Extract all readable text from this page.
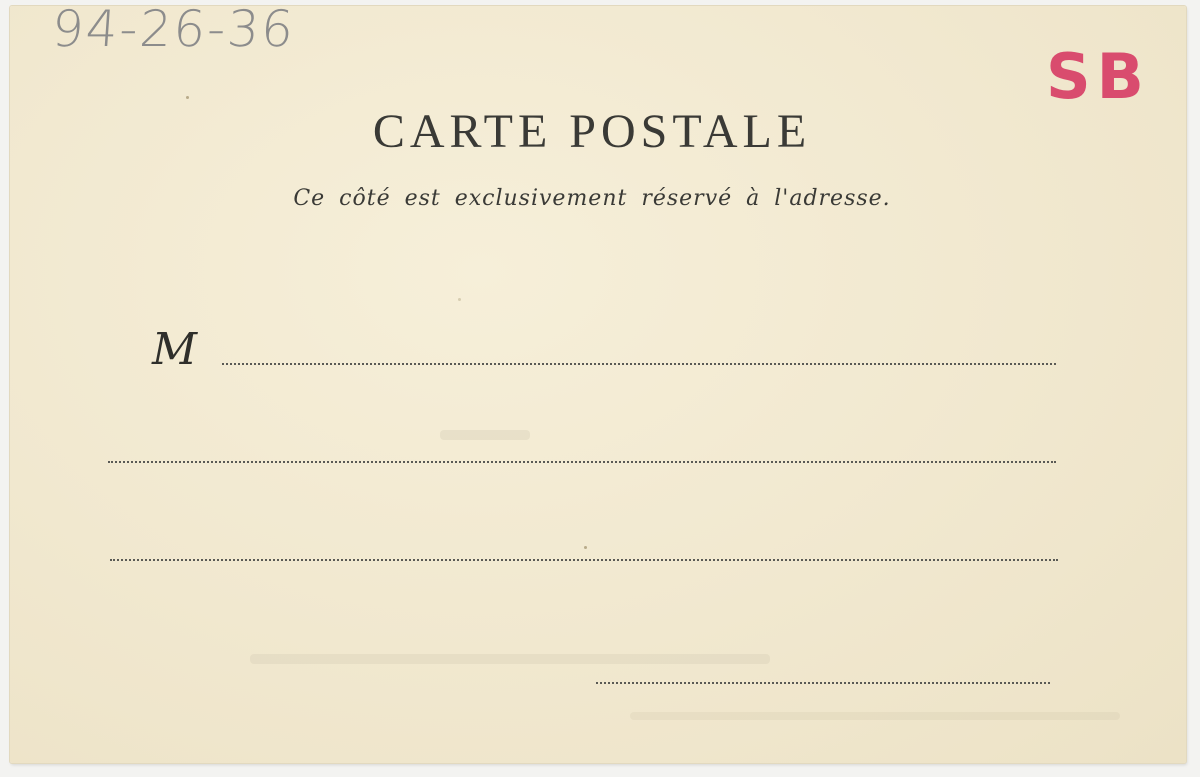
94-26-36
SB
CARTE POSTALE
Ce côté est exclusivement réservé à l'adresse.
M
